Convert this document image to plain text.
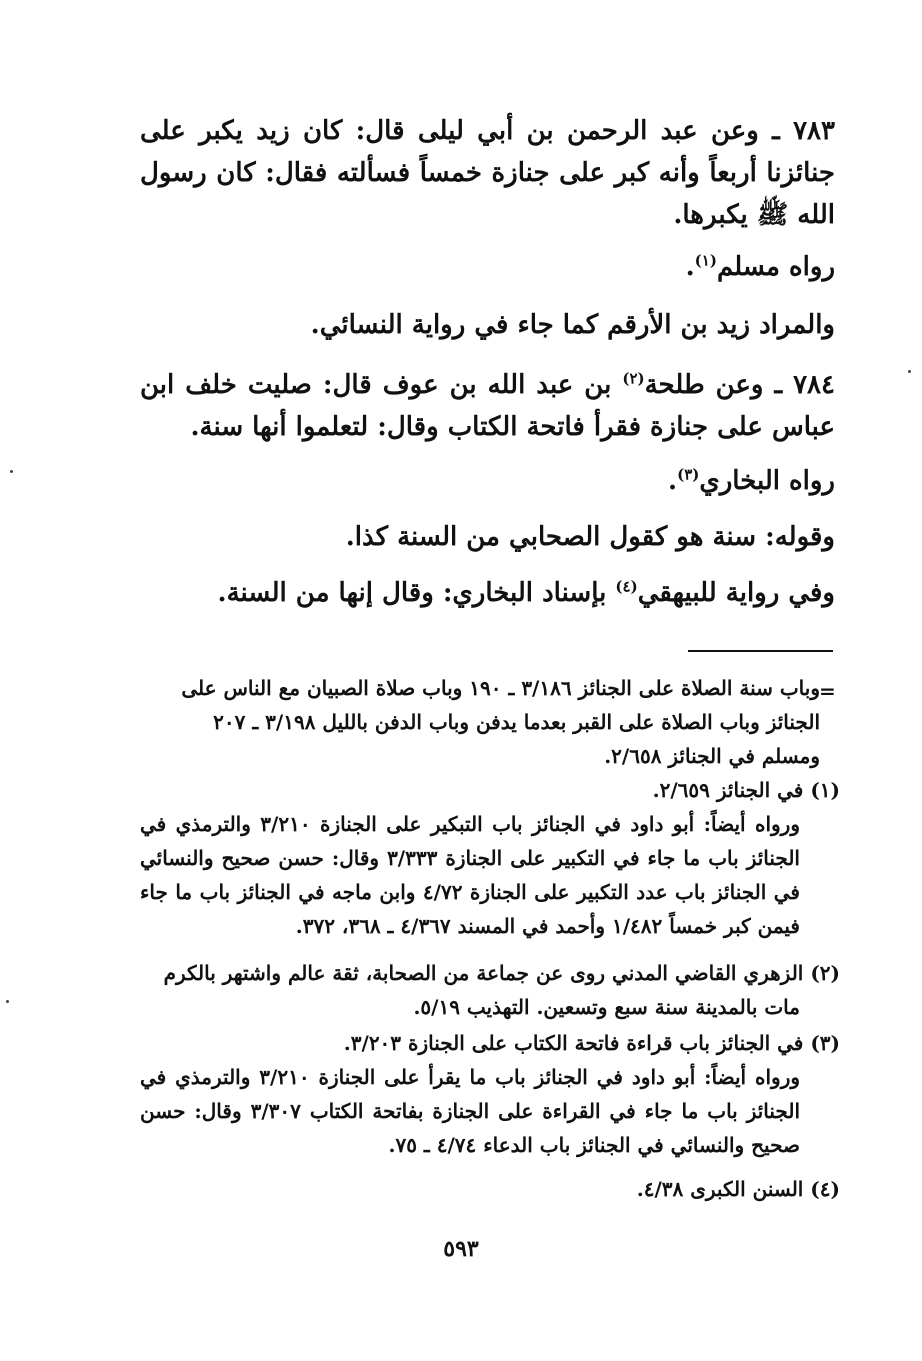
٧٨٣ ـ وعن عبد الرحمن بن أبي ليلى قال: كان زيد يكبر على جنائزنا أربعاً وأنه كبر على جنازة خمساً فسألته فقال: كان رسول الله ﷺ يكبرها.
رواه مسلم$^{(١)}$.
والمراد زيد بن الأرقم كما جاء في رواية النسائي.
٧٨٤ ـ وعن طلحة$^{(٢)}$ بن عبد الله بن عوف قال: صليت خلف ابن عباس على جنازة فقرأ فاتحة الكتاب وقال: لتعلموا أنها سنة.
رواه البخاري$^{(٣)}$.
وقوله: سنة هو كقول الصحابي من السنة كذا.
وفي رواية للبيهقي$^{(٤)}$ بإسناد البخاري: وقال إنها من السنة.
=
وباب سنة الصلاة على الجنائز ٣/١٨٦ ـ ١٩٠ وباب صلاة الصبيان مع الناس على
الجنائز وباب الصلاة على القبر بعدما يدفن وباب الدفن بالليل ٣/١٩٨ ـ ٢٠٧
ومسلم في الجنائز ٢/٦٥٨.
(١) في الجنائز ٢/٦٥٩.
ورواه أيضاً: أبو داود في الجنائز باب التبكير على الجنازة ٣/٢١٠ والترمذي في الجنائز باب ما جاء في التكبير على الجنازة ٣/٣٣٣ وقال: حسن صحيح والنسائي في الجنائز باب عدد التكبير على الجنازة ٤/٧٢ وابن ماجه في الجنائز باب ما جاء فيمن كبر خمساً ١/٤٨٢ وأحمد في المسند ٤/٣٦٧ ـ ٣٦٨، ٣٧٢.
(٢) الزهري القاضي المدني روى عن جماعة من الصحابة، ثقة عالم واشتهر بالكرم
مات بالمدينة سنة سبع وتسعين. التهذيب ٥/١٩.
(٣) في الجنائز باب قراءة فاتحة الكتاب على الجنازة ٣/٢٠٣.
ورواه أيضاً: أبو داود في الجنائز باب ما يقرأ على الجنازة ٣/٢١٠ والترمذي في الجنائز باب ما جاء في القراءة على الجنازة بفاتحة الكتاب ٣/٣٠٧ وقال: حسن صحيح والنسائي في الجنائز باب الدعاء ٤/٧٤ ـ ٧٥.
(٤) السنن الكبرى ٤/٣٨.
٥٩٣
